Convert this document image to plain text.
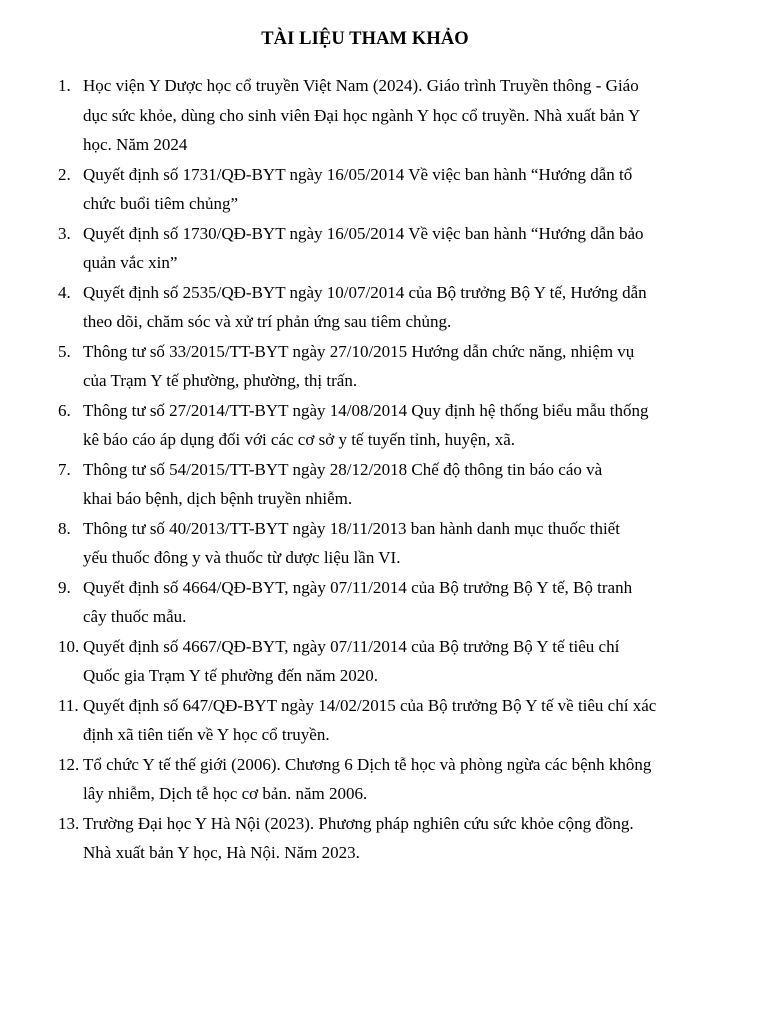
TÀI LIỆU THAM KHẢO
1. Học viện Y Dược học cổ truyền Việt Nam (2024). Giáo trình Truyền thông - Giáo
dục sức khỏe, dùng cho sinh viên Đại học ngành Y học cổ truyền. Nhà xuất bản Y
học. Năm 2024
2. Quyết định số 1731/QĐ-BYT ngày 16/05/2014 Về việc ban hành “Hướng dẫn tổ
chức buổi tiêm chủng”
3. Quyết định số 1730/QĐ-BYT ngày 16/05/2014 Về việc ban hành “Hướng dẫn bảo
quản vắc xin”
4. Quyết định số 2535/QĐ-BYT ngày 10/07/2014 của Bộ trưởng Bộ Y tế, Hướng dẫn
theo dõi, chăm sóc và xử trí phản ứng sau tiêm chủng.
5. Thông tư số 33/2015/TT-BYT ngày 27/10/2015 Hướng dẫn chức năng, nhiệm vụ
của Trạm Y tế phường, phường, thị trấn.
6. Thông tư số 27/2014/TT-BYT ngày 14/08/2014 Quy định hệ thống biểu mẫu thống
kê báo cáo áp dụng đối với các cơ sở y tế tuyến tỉnh, huyện, xã.
7. Thông tư số 54/2015/TT-BYT ngày 28/12/2018 Chế độ thông tin báo cáo và
khai báo bệnh, dịch bệnh truyền nhiễm.
8. Thông tư số 40/2013/TT-BYT ngày 18/11/2013 ban hành danh mục thuốc thiết
yếu thuốc đông y và thuốc từ dược liệu lần VI.
9. Quyết định số 4664/QĐ-BYT, ngày 07/11/2014 của Bộ trưởng Bộ Y tế, Bộ tranh
cây thuốc mẫu.
10. Quyết định số 4667/QĐ-BYT, ngày 07/11/2014 của Bộ trưởng Bộ Y tế tiêu chí
Quốc gia Trạm Y tế phường đến năm 2020.
11. Quyết định số 647/QĐ-BYT ngày 14/02/2015 của Bộ trưởng Bộ Y tế về tiêu chí xác
định xã tiên tiến về Y học cổ truyền.
12. Tổ chức Y tế thế giới (2006). Chương 6 Dịch tễ học và phòng ngừa các bệnh không
lây nhiễm, Dịch tễ học cơ bản. năm 2006.
13. Trường Đại học Y Hà Nội (2023). Phương pháp nghiên cứu sức khỏe cộng đồng.
Nhà xuất bản Y học, Hà Nội. Năm 2023.
